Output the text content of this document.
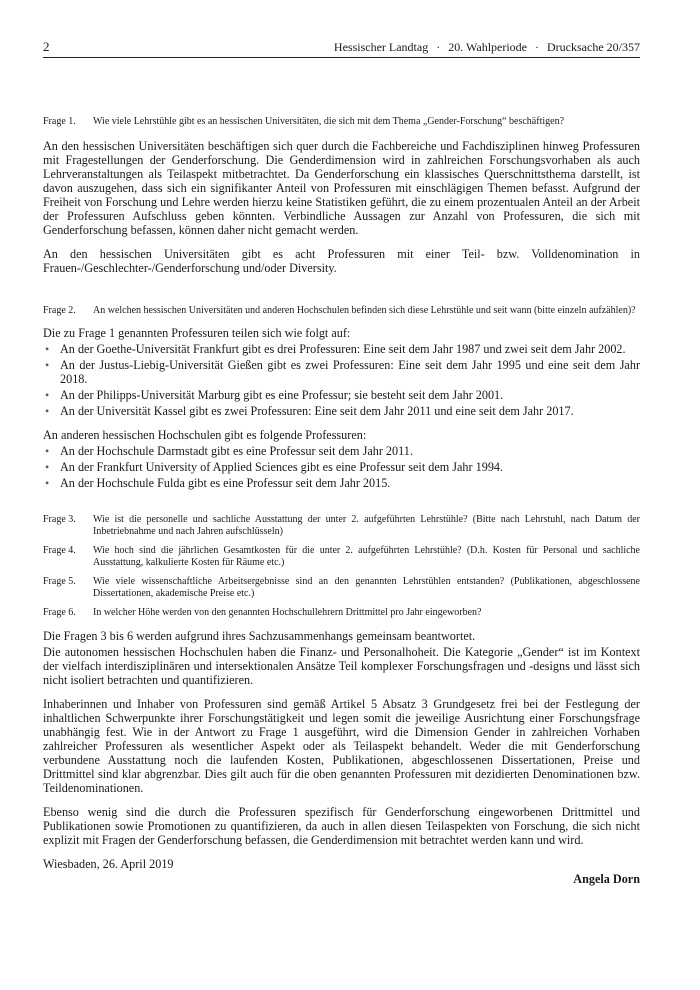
2	Hessischer Landtag · 20. Wahlperiode · Drucksache 20/357
Frage 1.	Wie viele Lehrstühle gibt es an hessischen Universitäten, die sich mit dem Thema „Gender-Forschung“ beschäftigen?

An den hessischen Universitäten beschäftigen sich quer durch die Fachbereiche und Fachdisziplinen hinweg Professuren mit Fragestellungen der Genderforschung. Die Genderdimension wird in zahlreichen Forschungsvorhaben als auch Lehrveranstaltungen als Teilaspekt mitbetrachtet. Da Genderforschung ein klassisches Querschnittsthema darstellt, ist davon auszugehen, dass sich ein signifikanter Anteil von Professuren mit einschlägigen Themen befasst. Aufgrund der Freiheit von Forschung und Lehre werden hierzu keine Statistiken geführt, die zu einem prozentualen Anteil an der Arbeit der Professuren Aufschluss geben könnten. Verbindliche Aussagen zur Anzahl von Professuren, die sich mit Genderforschung befassen, können daher nicht gemacht werden.

An den hessischen Universitäten gibt es acht Professuren mit einer Teil- bzw. Volldenomination in Frauen-/Geschlechter-/Genderforschung und/oder Diversity.

Frage 2.	An welchen hessischen Universitäten und anderen Hochschulen befinden sich diese Lehrstühle und seit wann (bitte einzeln aufzählen)?

Die zu Frage 1 genannten Professuren teilen sich wie folgt auf:

• An der Goethe-Universität Frankfurt gibt es drei Professuren: Eine seit dem Jahr 1987 und zwei seit dem Jahr 2002.
• An der Justus-Liebig-Universität Gießen gibt es zwei Professuren: Eine seit dem Jahr 1995 und eine seit dem Jahr 2018.
• An der Philipps-Universität Marburg gibt es eine Professur; sie besteht seit dem Jahr 2001.
• An der Universität Kassel gibt es zwei Professuren: Eine seit dem Jahr 2011 und eine seit dem Jahr 2017.

An anderen hessischen Hochschulen gibt es folgende Professuren:

• An der Hochschule Darmstadt gibt es eine Professur seit dem Jahr 2011.
• An der Frankfurt University of Applied Sciences gibt es eine Professur seit dem Jahr 1994.
• An der Hochschule Fulda gibt es eine Professur seit dem Jahr 2015.
Frage 3.	Wie ist die personelle und sachliche Ausstattung der unter 2. aufgeführten Lehrstühle? (Bitte nach Lehrstuhl, nach Datum der Inbetriebnahme und nach Jahren aufschlüsseln)
Frage 4.	Wie hoch sind die jährlichen Gesamtkosten für die unter 2. aufgeführten Lehrstühle? (D.h. Kosten für Personal und sachliche Ausstattung, kalkulierte Kosten für Räume etc.)
Frage 5.	Wie viele wissenschaftliche Arbeitsergebnisse sind an den genannten Lehrstühlen entstanden? (Publikationen, abgeschlossene Dissertationen, akademische Preise etc.)
Frage 6.	In welcher Höhe werden von den genannten Hochschullehrern Drittmittel pro Jahr eingeworben?

Die Fragen 3 bis 6 werden aufgrund ihres Sachzusammenhangs gemeinsam beantwortet.

Die autonomen hessischen Hochschulen haben die Finanz- und Personalhoheit. Die Kategorie „Gender“ ist im Kontext der vielfach interdisziplinären und intersektionalen Ansätze Teil komplexer Forschungsfragen und -designs und lässt sich nicht isoliert betrachten und quantifizieren.

Inhaberinnen und Inhaber von Professuren sind gemäß Artikel 5 Absatz 3 Grundgesetz frei bei der Festlegung der inhaltlichen Schwerpunkte ihrer Forschungstätigkeit und legen somit die jeweilige Ausrichtung einer Forschungsfrage unabhängig fest. Wie in der Antwort zu Frage 1 ausgeführt, wird die Dimension Gender in zahlreichen Vorhaben zahlreicher Professuren als wesentlicher Aspekt oder als Teilaspekt behandelt. Weder die mit Genderforschung verbundene Ausstattung noch die laufenden Kosten, Publikationen, abgeschlossenen Dissertationen, Preise und Drittmittel sind klar abgrenzbar. Dies gilt auch für die oben genannten Professuren mit dezidierten Denominationen bzw. Teildenominationen.

Ebenso wenig sind die durch die Professuren spezifisch für Genderforschung eingeworbenen Drittmittel und Publikationen sowie Promotionen zu quantifizieren, da auch in allen diesen Teilaspekten von Forschung, die sich nicht explizit mit Fragen der Genderforschung befassen, die Genderdimension mit betrachtet werden kann und wird.

Wiesbaden, 26. April 2019

Angela Dorn
